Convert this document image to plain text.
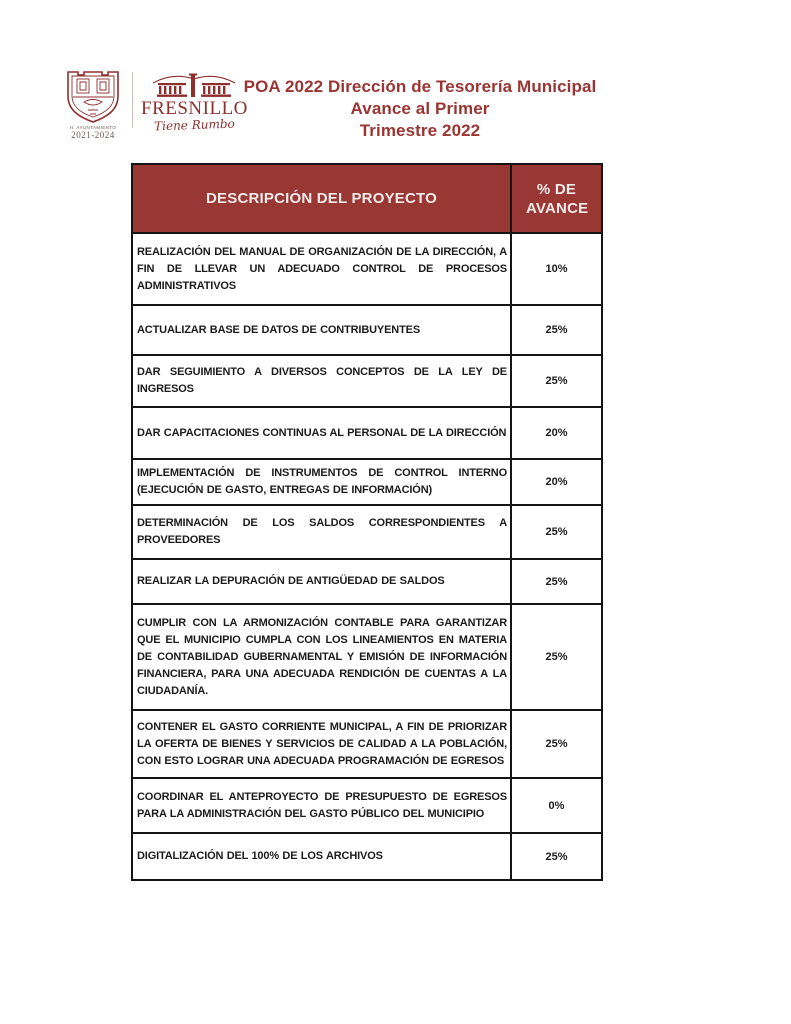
H. AYUNTAMIENTO
2021-2024
FRESNILLO
Tiene Rumbo
POA 2022 Dirección de Tesorería Municipal
Avance al Primer
Trimestre 2022
DESCRIPCIÓN DEL PROYECTO	% DE AVANCE
REALIZACIÓN DEL MANUAL DE ORGANIZACIÓN DE LA DIRECCIÓN, A FIN DE LLEVAR UN ADECUADO CONTROL DE PROCESOS ADMINISTRATIVOS	10%
ACTUALIZAR BASE DE DATOS DE CONTRIBUYENTES	25%
DAR SEGUIMIENTO A DIVERSOS CONCEPTOS DE LA LEY DE INGRESOS	25%
DAR CAPACITACIONES CONTINUAS AL PERSONAL DE LA DIRECCIÓN	20%
IMPLEMENTACIÓN DE INSTRUMENTOS DE CONTROL INTERNO (EJECUCIÓN DE GASTO, ENTREGAS DE INFORMACIÓN)	20%
DETERMINACIÓN DE LOS SALDOS CORRESPONDIENTES A PROVEEDORES	25%
REALIZAR LA DEPURACIÓN DE ANTIGÜEDAD DE SALDOS	25%
CUMPLIR CON LA ARMONIZACIÓN CONTABLE PARA GARANTIZAR QUE EL MUNICIPIO CUMPLA CON LOS LINEAMIENTOS EN MATERIA DE CONTABILIDAD GUBERNAMENTAL Y EMISIÓN DE INFORMACIÓN FINANCIERA, PARA UNA ADECUADA RENDICIÓN DE CUENTAS A LA CIUDADANÍA.	25%
CONTENER EL GASTO CORRIENTE MUNICIPAL, A FIN DE PRIORIZAR LA OFERTA DE BIENES Y SERVICIOS DE CALIDAD A LA POBLACIÓN, CON ESTO LOGRAR UNA ADECUADA PROGRAMACIÓN DE EGRESOS	25%
COORDINAR EL ANTEPROYECTO DE PRESUPUESTO DE EGRESOS PARA LA ADMINISTRACIÓN DEL GASTO PÚBLICO DEL MUNICIPIO	0%
DIGITALIZACIÓN DEL 100% DE LOS ARCHIVOS	25%
